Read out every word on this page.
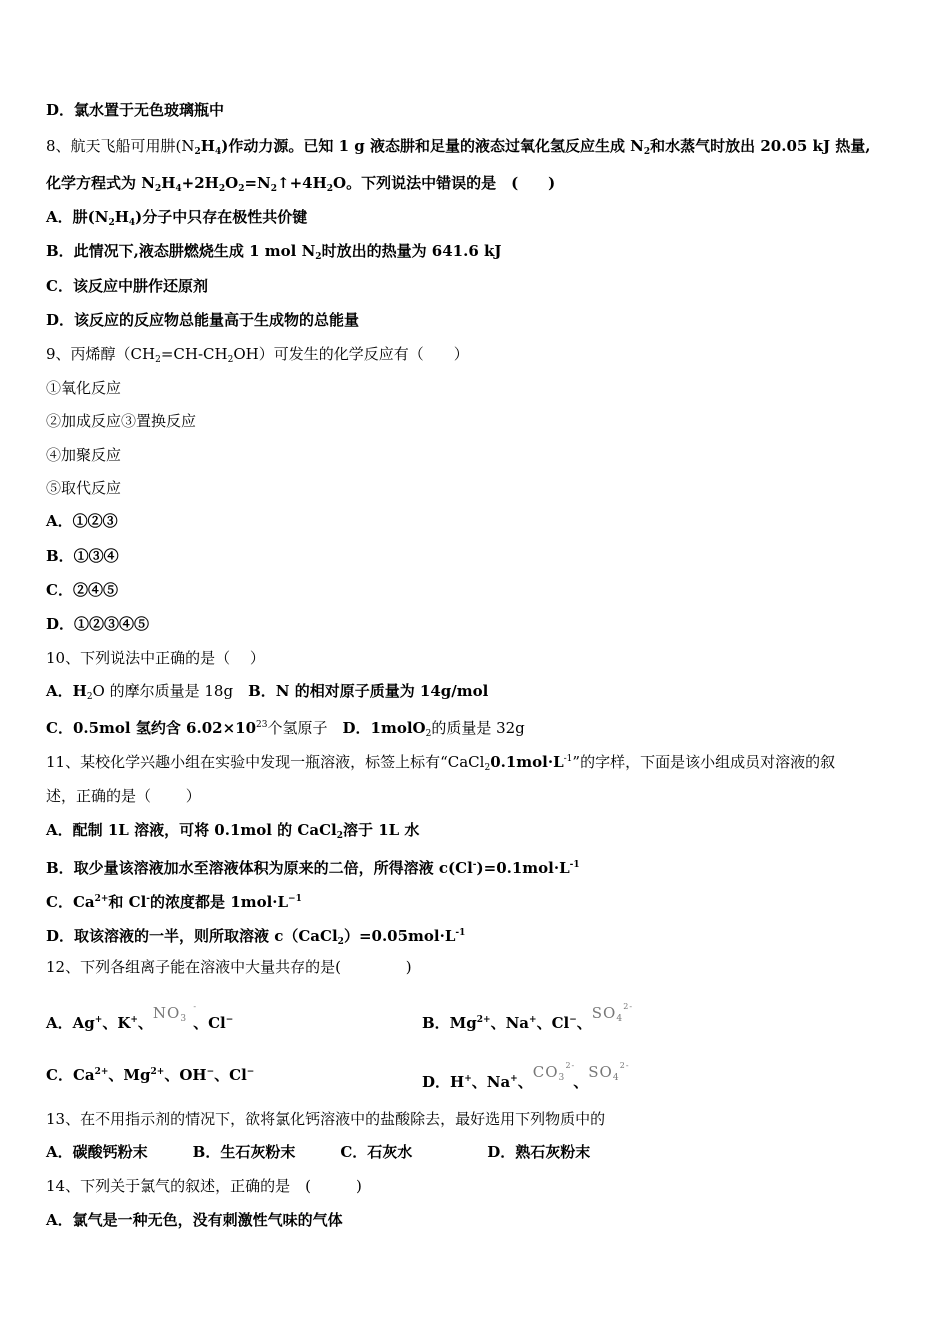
D．氯水置于无色玻璃瓶中
8、航天飞船可用肼$(N_2H_4)$作动力源。已知 1 g 液态肼和足量的液态过氧化氢反应生成 $N_2$和水蒸气时放出 20.05 kJ 热量,
化学方程式为 $N_2H_4+2H_2O_2=N_2↑+4H_2O$。下列说法中错误的是　(　　)
A．肼$(N_2H_4)$分子中只存在极性共价键
B．此情况下,液态肼燃烧生成 1 mol $N_2$时放出的热量为 641.6 kJ
C．该反应中肼作还原剂
D．该反应的反应物总能量高于生成物的总能量
9、丙烯醇$(CH_2=CH-CH_2OH)$可发生的化学反应有（　　）
①氧化反应
②加成反应③置换反应
④加聚反应
⑤取代反应
A．①②③
B．①③④
C．②④⑤
D．①②③④⑤
10、下列说法中正确的是（　 ）
A．$H_2O$ 的摩尔质量是 18g　B．N 的相对原子质量为 14g/mol
C．0.5mol 氢约含 $6.02\times 10^{23}$个氢原子　D．1molO$_2$的质量是 32g
11、某校化学兴趣小组在实验中发现一瓶溶液，标签上标有“$CaCl_20.1mol\cdot L^{-1}$”的字样，下面是该小组成员对溶液的叙
述，正确的是（　　 ）
A．配制 1L 溶液，可将 0.1mol 的 CaCl$_2$溶于 1L 水
B．取少量该溶液加水至溶液体积为原来的二倍，所得溶液 $c(Cl^-)=0.1mol\cdot L^{-1}$
C．$Ca^{2+}$和 Cl-的浓度都是 $1mol\cdot L^{-1}$
D．取该溶液的一半，则所取溶液 $c(CaCl_2)=0.05mol\cdot L^{-1}$
12、下列各组离子能在溶液中大量共存的是(　　　　 )
A．Ag+、K+、$NO_3$
-
、Cl−	B．$Mg^{2+}$、Na+、Cl−、$SO_4$
2-
C．$Ca^{2+}$、$Mg^{2+}$、OH−、Cl−
D．H+、Na+、$CO_3$
2-
、$SO_4$
2-
13、在不用指示剂的情况下，欲将氯化钙溶液中的盐酸除去，最好选用下列物质中的
A．碳酸钙粉末　　　B．生石灰粉末　　　C．石灰水　　　　　D．熟石灰粉末
14、下列关于氯气的叙述，正确的是　(　　　)
A．氯气是一种无色，没有刺激性气味的气体
